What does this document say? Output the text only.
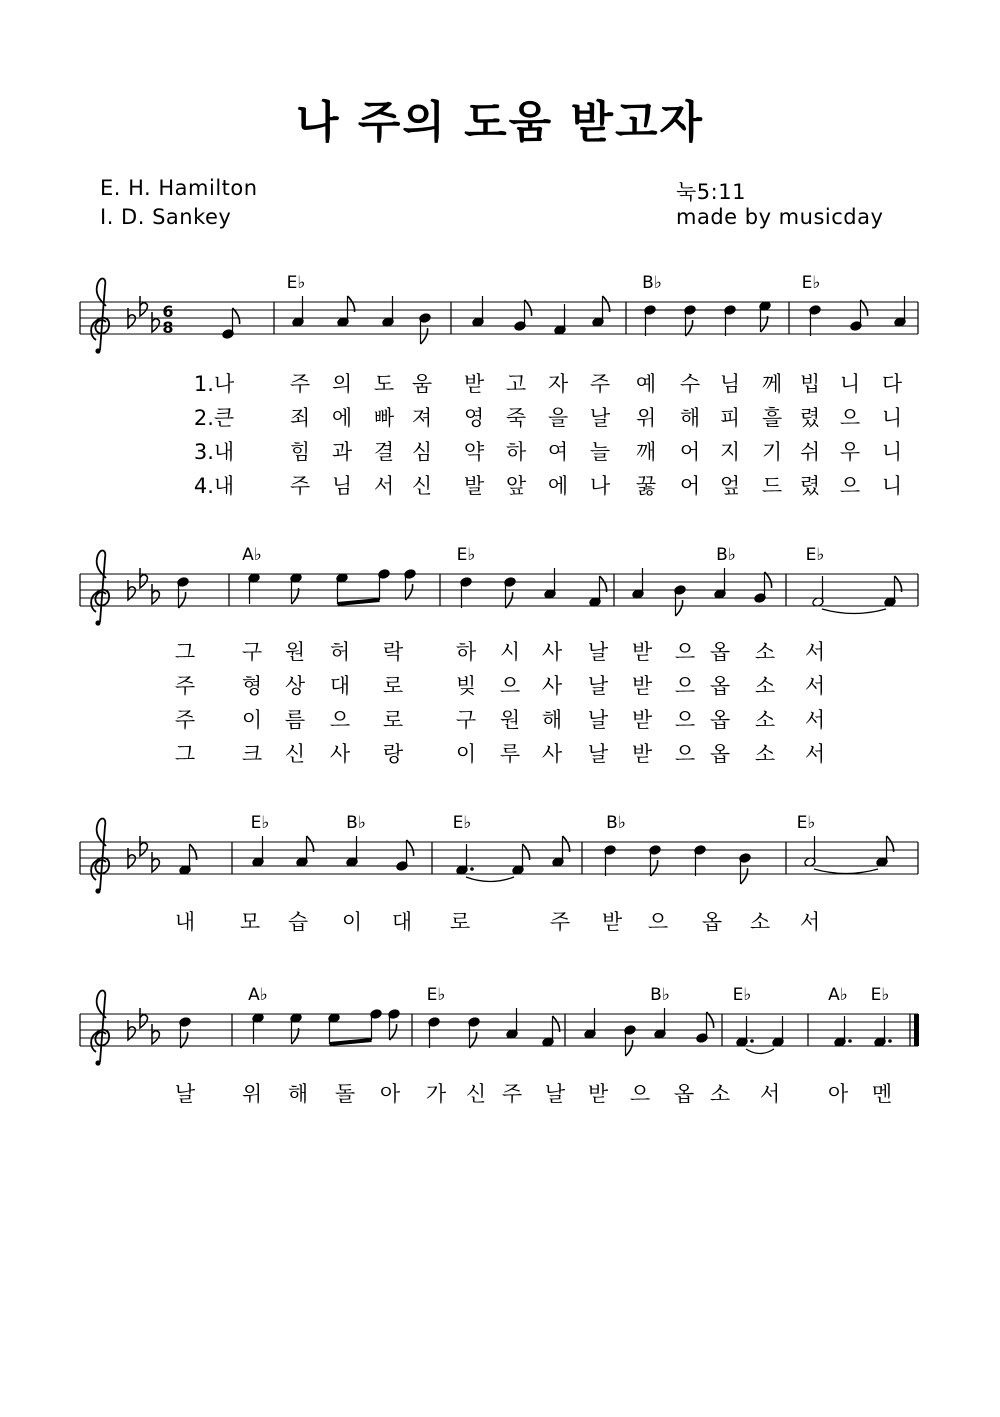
나 주의 도움 받고자
E. H. Hamilton
I. D. Sankey
눅5:11
made by musicday
6
8
E♭	B♭	E♭
A♭	E♭	B♭	E♭
E♭	B♭	E♭	B♭	E♭
A♭	E♭	B♭	E♭	A♭ E♭
1.나	주 의 도 움 받 고 자 주 예 수 님 께 빕 니 다
2.큰	죄 에 빠 져 영 죽 을 날 위 해 피 흘 렸 으 니
3.내	힘 과 결 심 약 하 여 늘 깨 어 지 기 쉬 우 니
4.내	주 님 서 신 발 앞 에 나 꿇 어 엎 드 렸 으 니
그 구 원 허 락	하 시 사 날 받 으 옵 소 서
주 형 상 대 로	빚 으 사 날 받 으 옵 소 서
주 이 름 으 로	구 원 해 날 받 으 옵 소 서
그 크 신 사 랑	이 루 사 날 받 으 옵 소 서
내 모 습 이 대 로	주 받 으 옵 소 서
날 위 해 돌 아 가 신 주 날 받 으 옵 소 서 아 멘
